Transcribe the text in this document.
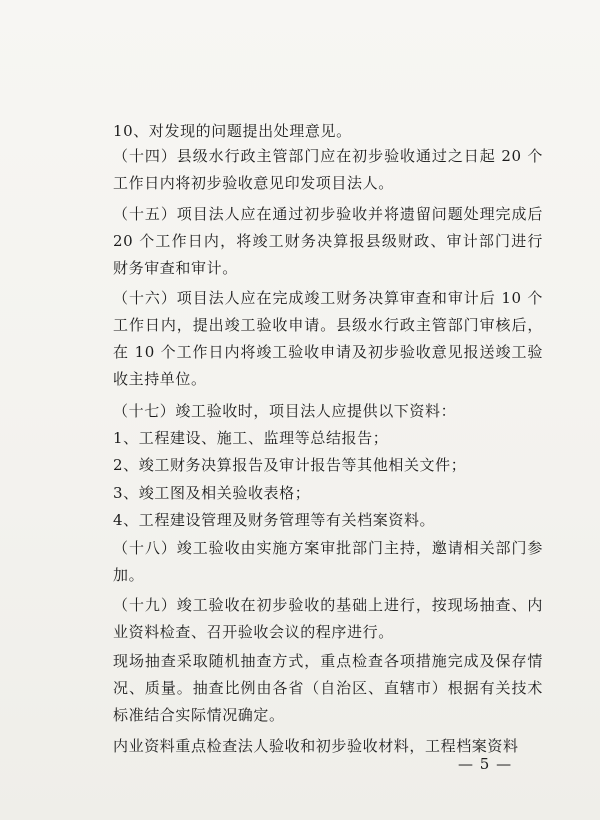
10、对发现的问题提出处理意见。

（十四）县级水行政主管部门应在初步验收通过之日起 20 个工作日内将初步验收意见印发项目法人。

（十五）项目法人应在通过初步验收并将遗留问题处理完成后 20 个工作日内，将竣工财务决算报县级财政、审计部门进行财务审查和审计。

（十六）项目法人应在完成竣工财务决算审查和审计后 10 个工作日内，提出竣工验收申请。县级水行政主管部门审核后，在 10 个工作日内将竣工验收申请及初步验收意见报送竣工验收主持单位。

（十七）竣工验收时，项目法人应提供以下资料：

1、工程建设、施工、监理等总结报告；

2、竣工财务决算报告及审计报告等其他相关文件；

3、竣工图及相关验收表格；

4、工程建设管理及财务管理等有关档案资料。

（十八）竣工验收由实施方案审批部门主持，邀请相关部门参加。

（十九）竣工验收在初步验收的基础上进行，按现场抽查、内业资料检查、召开验收会议的程序进行。

现场抽查采取随机抽查方式，重点检查各项措施完成及保存情况、质量。抽查比例由各省（自治区、直辖市）根据有关技术标准结合实际情况确定。

内业资料重点检查法人验收和初步验收材料，工程档案资料

— 5 —
